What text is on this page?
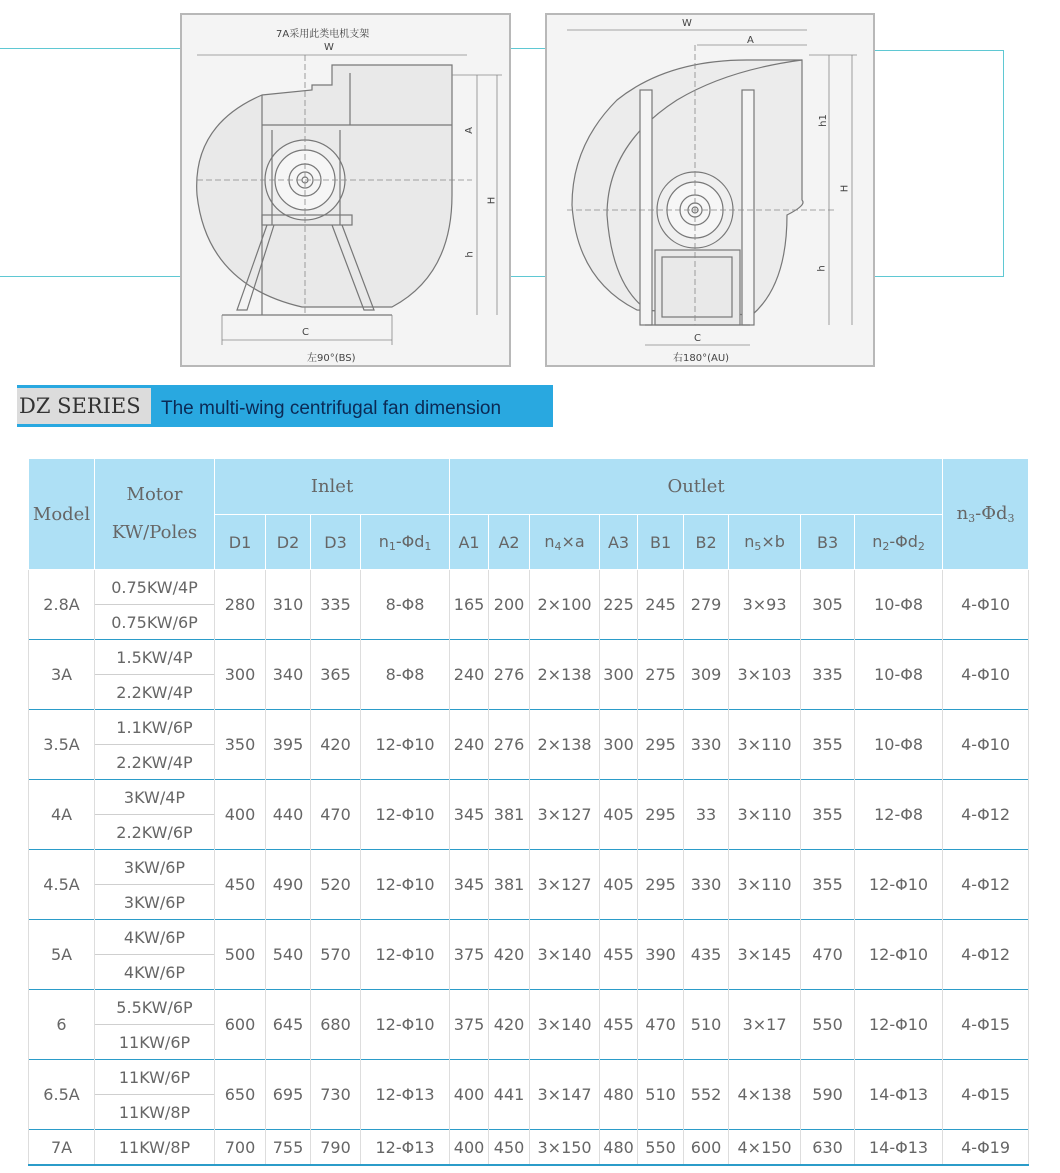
7A采用此类电机支架
W
A
H
h
C
左90°(BS)
W
A
h1
H
h
C
右180°(AU)
DZ SERIES	The multi-wing centrifugal fan dimension
Model	Motor
KW/Poles	Inlet				Outlet									$n_3-\Phi d_3$
		D1	D2	D3	$n_1-\Phi d_1$	A1	A2	$n_4\times a$	A3	B1	B2	$n_5\times b$	B3	$n_2-\Phi d_2$
2.8A	0.75KW/4P	280	310	335	8-Φ8	165	200	2×100	225	245	279	3×93	305	10-Φ8	4-Φ10
	0.75KW/6P														
3A	1.5KW/4P	300	340	365	8-Φ8	240	276	2×138	300	275	309	3×103	335	10-Φ8	4-Φ10
	2.2KW/4P														
3.5A	1.1KW/6P	350	395	420	12-Φ10	240	276	2×138	300	295	330	3×110	355	10-Φ8	4-Φ10
	2.2KW/4P														
4A	3KW/4P	400	440	470	12-Φ10	345	381	3×127	405	295	33	3×110	355	12-Φ8	4-Φ12
	2.2KW/6P														
4.5A	3KW/6P	450	490	520	12-Φ10	345	381	3×127	405	295	330	3×110	355	12-Φ10	4-Φ12
	3KW/6P														
5A	4KW/6P	500	540	570	12-Φ10	375	420	3×140	455	390	435	3×145	470	12-Φ10	4-Φ12
	4KW/6P														
6	5.5KW/6P	600	645	680	12-Φ10	375	420	3×140	455	470	510	3×17	550	12-Φ10	4-Φ15
	11KW/6P														
6.5A	11KW/6P	650	695	730	12-Φ13	400	441	3×147	480	510	552	4×138	590	14-Φ13	4-Φ15
	11KW/8P														
7A	11KW/8P	700	755	790	12-Φ13	400	450	3×150	480	550	600	4×150	630	14-Φ13	4-Φ19
